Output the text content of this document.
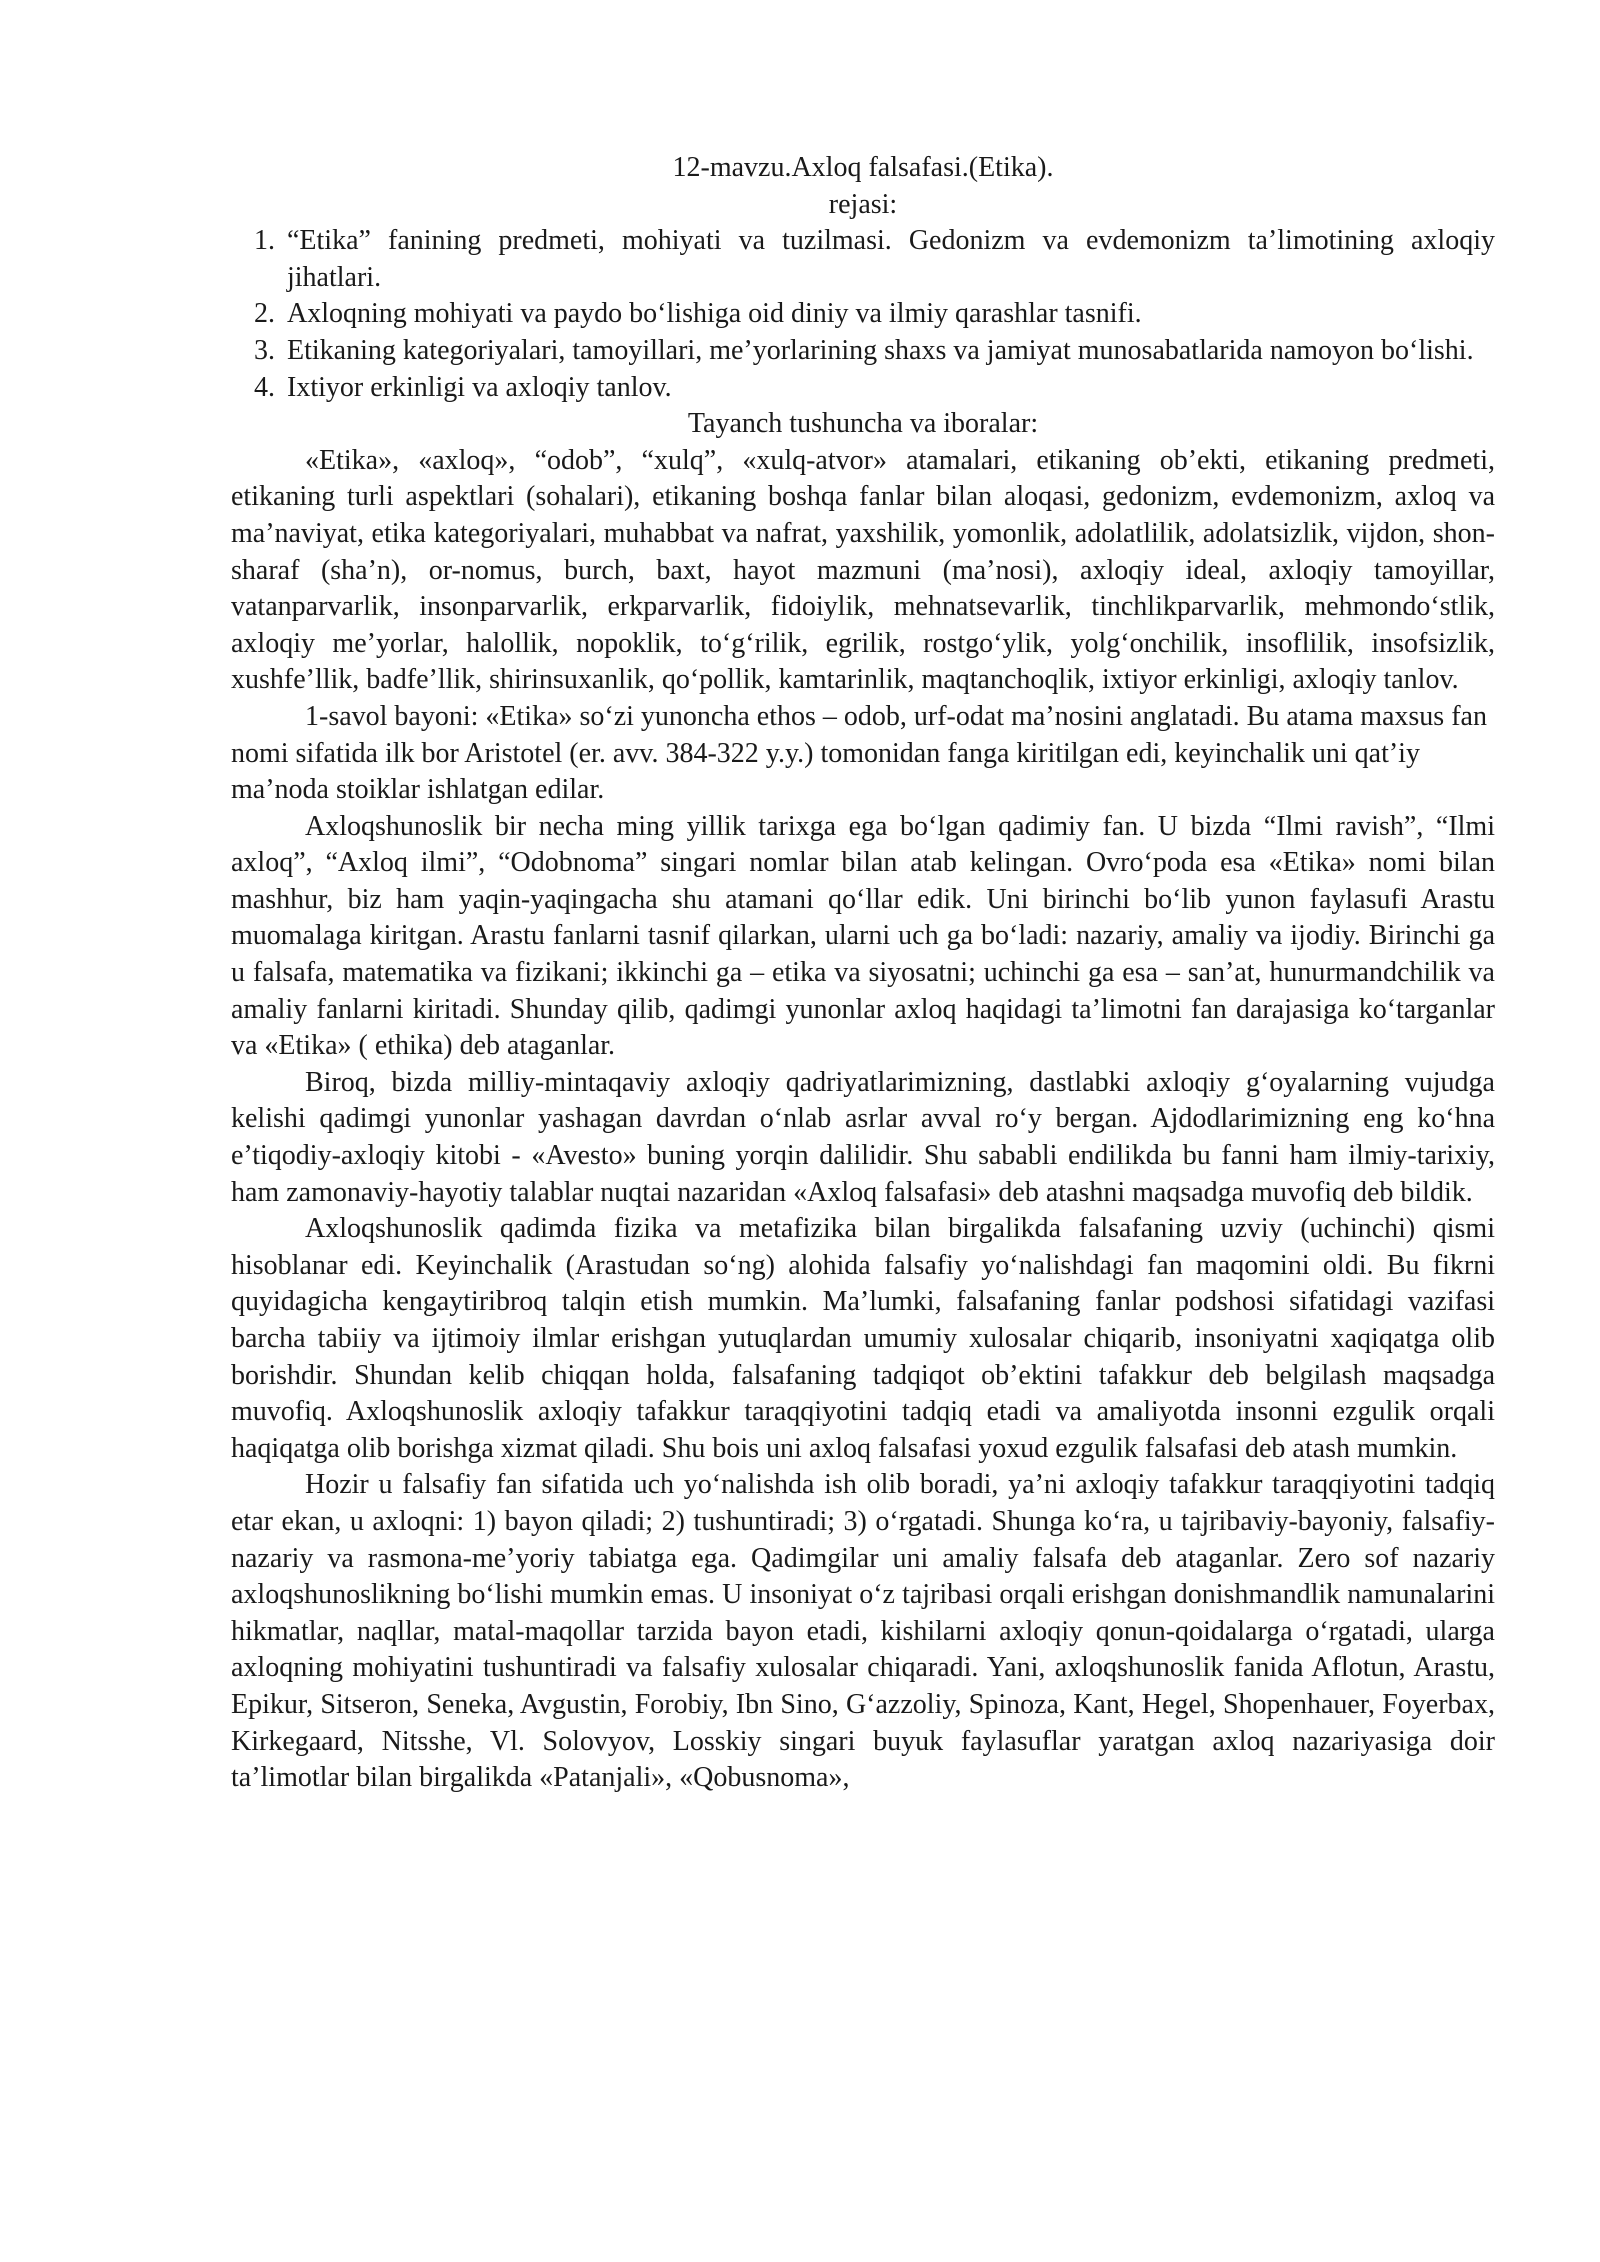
12-mavzu.Axloq falsafasi.(Etika).

rejasi:

1. “Etika” fanining predmeti, mohiyati va tuzilmasi. Gedonizm va evdemonizm ta’limotining axloqiy jihatlari.
2. Axloqning mohiyati va paydo bo‘lishiga oid diniy va ilmiy qarashlar tasnifi.
3. Etikaning kategoriyalari, tamoyillari, me’yorlarining shaxs va jamiyat munosabatlarida namoyon bo‘lishi.
4. Ixtiyor erkinligi va axloqiy tanlov.

Tayanch tushuncha va iboralar:

«Etika», «axloq», “odob”, “xulq”, «xulq-atvor» atamalari, etikaning ob’ekti, etikaning predmeti, etikaning turli aspektlari (sohalari), etikaning boshqa fanlar bilan aloqasi, gedonizm, evdemonizm, axloq va ma’naviyat, etika kategoriyalari, muhabbat va nafrat, yaxshilik, yomonlik, adolatlilik, adolatsizlik, vijdon, shon-sharaf (sha’n), or-nomus, burch, baxt, hayot mazmuni (ma’nosi), axloqiy ideal, axloqiy tamoyillar, vatanparvarlik, insonparvarlik, erkparvarlik, fidoiylik, mehnatsevarlik, tinchlikparvarlik, mehmondo‘stlik, axloqiy me’yorlar, halollik, nopoklik, to‘g‘rilik, egrilik, rostgo‘ylik, yolg‘onchilik, insoflilik, insofsizlik, xushfe’llik, badfe’llik, shirinsuxanlik, qo‘pollik, kamtarinlik, maqtanchoqlik, ixtiyor erkinligi, axloqiy tanlov.

1-savol bayoni: «Etika» so‘zi yunoncha ethos – odob, urf-odat ma’nosini anglatadi. Bu atama maxsus fan nomi sifatida ilk bor Aristotel (er. avv. 384-322 y.y.) tomonidan fanga kiritilgan edi, keyinchalik uni qat’iy ma’noda stoiklar ishlatgan edilar.

Axloqshunoslik bir necha ming yillik tarixga ega bo‘lgan qadimiy fan. U bizda “Ilmi ravish”, “Ilmi axloq”, “Axloq ilmi”, “Odobnoma” singari nomlar bilan atab kelingan. Ovro‘poda esa «Etika» nomi bilan mashhur, biz ham yaqin-yaqingacha shu atamani qo‘llar edik. Uni birinchi bo‘lib yunon faylasufi Arastu muomalaga kiritgan. Arastu fanlarni tasnif qilarkan, ularni uch ga bo‘ladi: nazariy, amaliy va ijodiy. Birinchi ga u falsafa, matematika va fizikani; ikkinchi ga – etika va siyosatni; uchinchi ga esa – san’at, hunurmandchilik va amaliy fanlarni kiritadi. Shunday qilib, qadimgi yunonlar axloq haqidagi ta’limotni fan darajasiga ko‘targanlar va «Etika» ( ethika) deb ataganlar.

Biroq, bizda milliy-mintaqaviy axloqiy qadriyatlarimizning, dastlabki axloqiy g‘oyalarning vujudga kelishi qadimgi yunonlar yashagan davrdan o‘nlab asrlar avval ro‘y bergan. Ajdodlarimizning eng ko‘hna e’tiqodiy-axloqiy kitobi - «Avesto» buning yorqin dalilidir. Shu sababli endilikda bu fanni ham ilmiy-tarixiy, ham zamonaviy-hayotiy talablar nuqtai nazaridan «Axloq falsafasi» deb atashni maqsadga muvofiq deb bildik.

Axloqshunoslik qadimda fizika va metafizika bilan birgalikda falsafaning uzviy (uchinchi) qismi hisoblanar edi. Keyinchalik (Arastudan so‘ng) alohida falsafiy yo‘nalishdagi fan maqomini oldi. Bu fikrni quyidagicha kengaytiribroq talqin etish mumkin. Ma’lumki, falsafaning fanlar podshosi sifatidagi vazifasi barcha tabiiy va ijtimoiy ilmlar erishgan yutuqlardan umumiy xulosalar chiqarib, insoniyatni xaqiqatga olib borishdir. Shundan kelib chiqqan holda, falsafaning tadqiqot ob’ektini tafakkur deb belgilash maqsadga muvofiq. Axloqshunoslik axloqiy tafakkur taraqqiyotini tadqiq etadi va amaliyotda insonni ezgulik orqali haqiqatga olib borishga xizmat qiladi. Shu bois uni axloq falsafasi yoxud ezgulik falsafasi deb atash mumkin.

Hozir u falsafiy fan sifatida uch yo‘nalishda ish olib boradi, ya’ni axloqiy tafakkur taraqqiyotini tadqiq etar ekan, u axloqni: 1) bayon qiladi; 2) tushuntiradi; 3) o‘rgatadi. Shunga ko‘ra, u tajribaviy-bayoniy, falsafiy-nazariy va rasmona-me’yoriy tabiatga ega. Qadimgilar uni amaliy falsafa deb ataganlar. Zero sof nazariy axloqshunoslikning bo‘lishi mumkin emas. U insoniyat o‘z tajribasi orqali erishgan donishmandlik namunalarini hikmatlar, naqllar, matal-maqollar tarzida bayon etadi, kishilarni axloqiy qonun-qoidalarga o‘rgatadi, ularga axloqning mohiyatini tushuntiradi va falsafiy xulosalar chiqaradi. Yani, axloqshunoslik fanida Aflotun, Arastu, Epikur, Sitseron, Seneka, Avgustin, Forobiy, Ibn Sino, G‘azzoliy, Spinoza, Kant, Hegel, Shopenhauer, Foyerbax, Kirkegaard, Nitsshe, Vl. Solovyov, Losskiy singari buyuk faylasuflar yaratgan axloq nazariyasiga doir ta’limotlar bilan birgalikda «Patanjali», «Qobusnoma»,
